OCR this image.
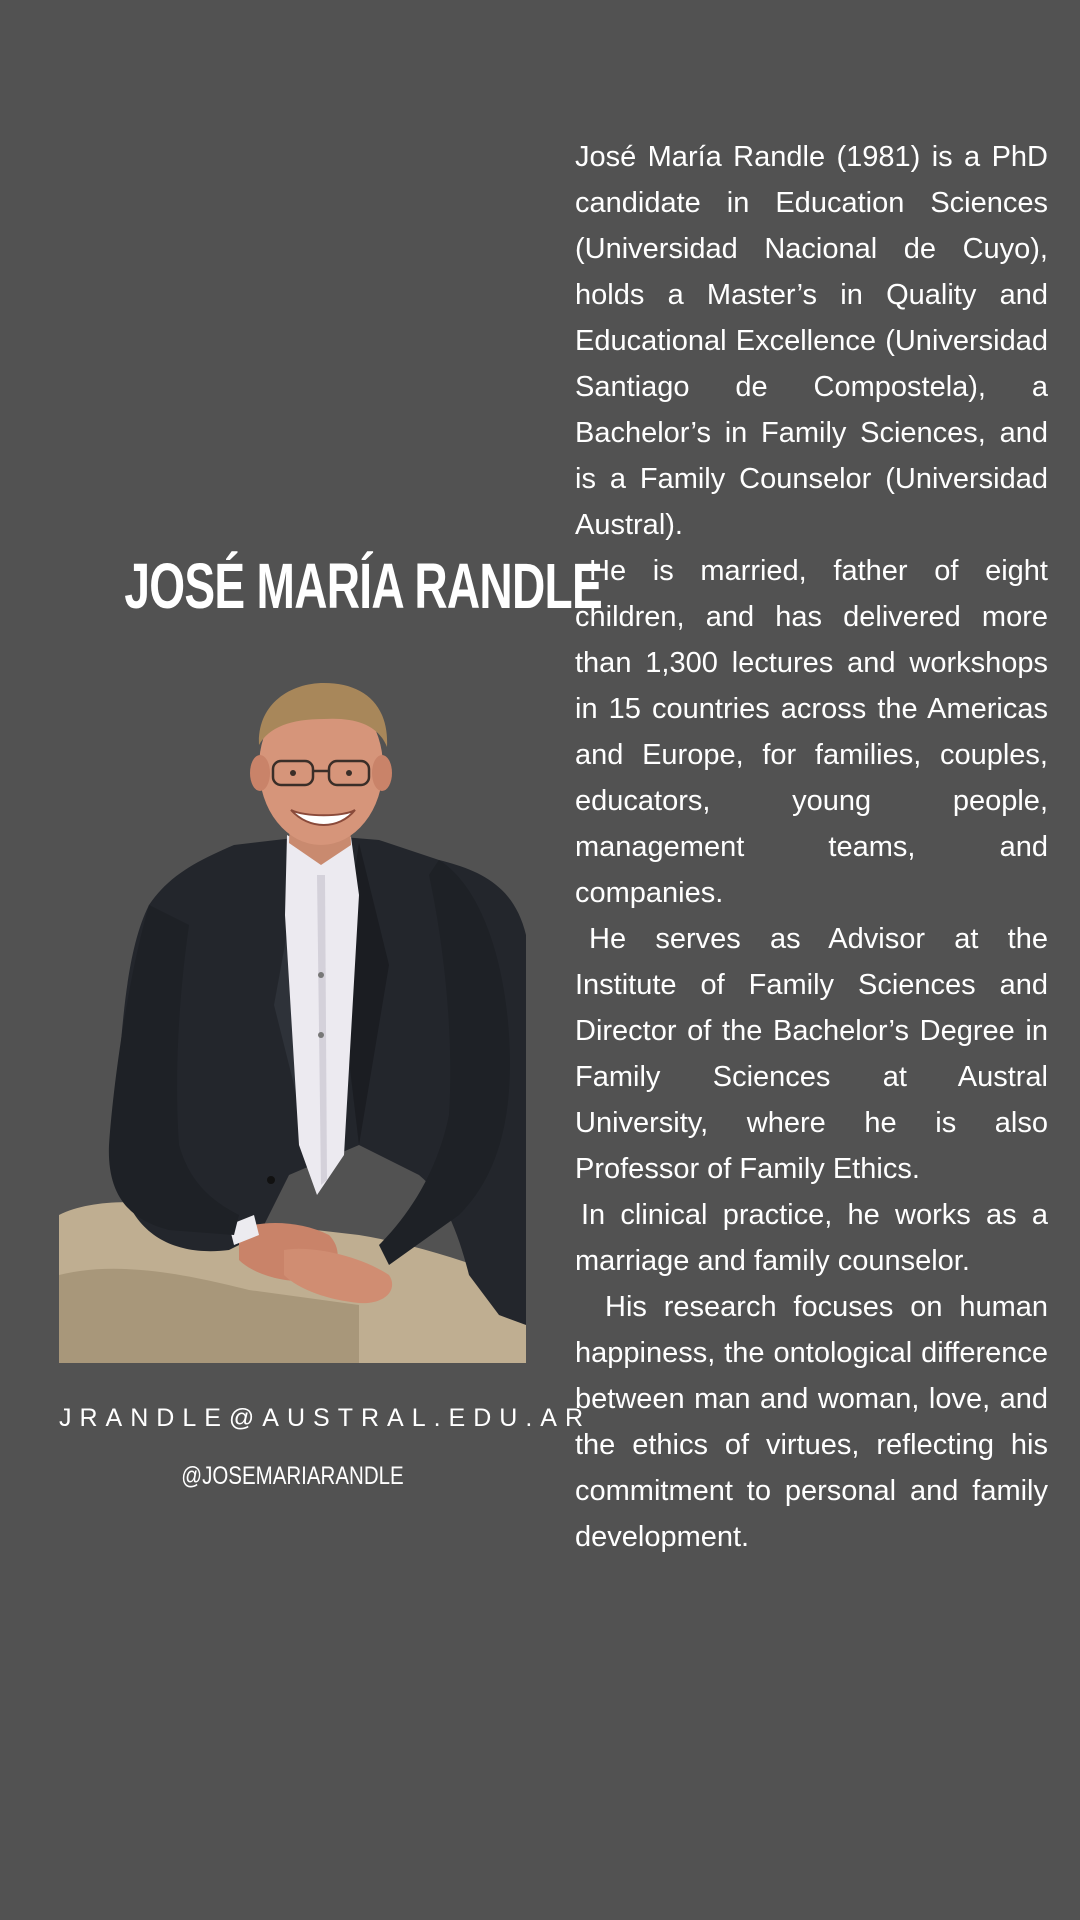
JOSÉ MARÍA RANDLE
JRANDLE@AUSTRAL.EDU.AR
@JOSEMARIARANDLE

José María Randle (1981) is a PhD candidate in Education Sciences (Universidad Nacional de Cuyo), holds a Master’s in Quality and Educational Excellence (Universidad Santiago de Compostela), a Bachelor’s in Family Sciences, and is a Family Counselor (Universidad Austral).

He is married, father of eight children, and has delivered more than 1,300 lectures and workshops in 15 countries across the Americas and Europe, for families, couples, educators, young people, management teams, and companies.

He serves as Advisor at the Institute of Family Sciences and Director of the Bachelor’s Degree in Family Sciences at Austral University, where he is also Professor of Family Ethics.

In clinical practice, he works as a marriage and family counselor.

His research focuses on human happiness, the ontological difference between man and woman, love, and the ethics of virtues, reflecting his commitment to personal and family development.
